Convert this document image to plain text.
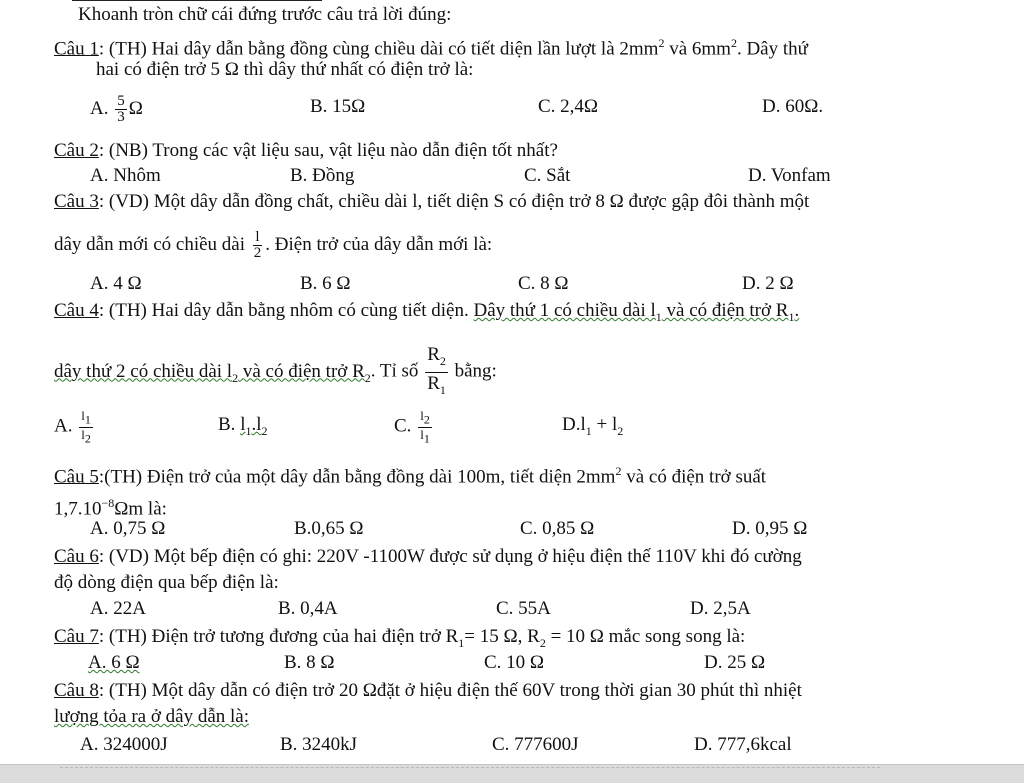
Khoanh tròn chữ cái đứng trước câu trả lời đúng:
Câu 1: (TH) Hai dây dẫn bằng đồng cùng chiều dài có tiết diện lần lượt là $2mm^2$ và $6mm^2$. Dây thứ
hai có điện trở 5 Ω thì dây thứ nhất có điện trở là:
A. $\frac{5}{3}$ Ω	B. 15Ω	C. 2,4Ω	D. 60Ω.
Câu 2: (NB) Trong các vật liệu sau, vật liệu nào dẫn điện tốt nhất?
A. Nhôm	B. Đồng	C. Sắt	D. Vonfam
Câu 3: (VD) Một dây dẫn đồng chất, chiều dài l, tiết diện S có điện trở 8 Ω được gập đôi thành một
dây dẫn mới có chiều dài $\frac{l}{2}$ . Điện trở của dây dẫn mới là:
A. 4 Ω	B. 6 Ω	C. 8 Ω	D. 2 Ω
Câu 4: (TH) Hai dây dẫn bằng nhôm có cùng tiết diện. Dây thứ 1 có chiều dài $l_1$ và có điện trở $R_1$.
dây thứ 2 có chiều dài $l_2$ và có điện trở $R_2$. Tỉ số $\frac{R_2}{R_1}$ bằng:
A. $\frac{l_1}{l_2}$	B. $l_1.l_2$	C. $\frac{l_2}{l_1}$	$D.l_1 + l_2$
Câu 5:(TH) Điện trở của một dây dẫn bằng đồng dài 100m, tiết diện $2mm^2$ và có điện trở suất
$1,7.10^{-8}\Omega m$ là:
A. 0,75 Ω	B.0,65 Ω	C. 0,85 Ω	D. 0,95 Ω
Câu 6: (VD) Một bếp điện có ghi: 220V -1100W được sử dụng ở hiệu điện thế 110V khi đó cường
độ dòng điện qua bếp điện là:
A. 22A	B. 0,4A	C. 55A	D. 2,5A
Câu 7: (TH) Điện trở tương đương của hai điện trở $R_1= 15$ Ω, $R_2 = 10$ Ω mắc song song là:
A. 6 Ω	B. 8 Ω	C. 10 Ω	D. 25 Ω
Câu 8: (TH) Một dây dẫn có điện trở 20 Ωđặt ở hiệu điện thế 60V trong thời gian 30 phút thì nhiệt
lượng tỏa ra ở dây dẫn là:
A. 324000J	B. 3240kJ	C. 777600J	D. 777,6kcal
